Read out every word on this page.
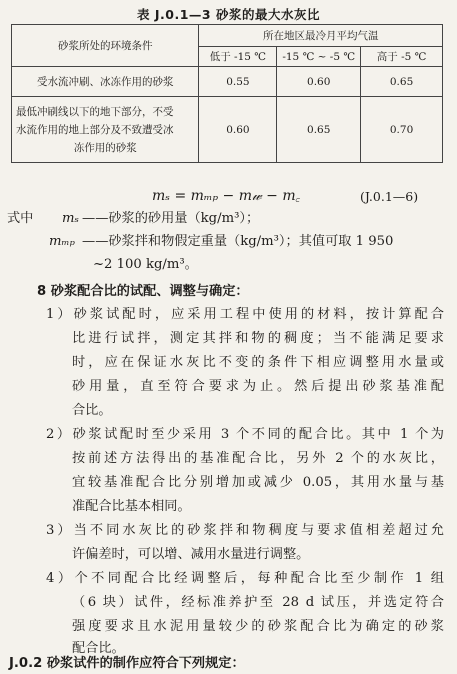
表 J.0.1—3 砂浆的最大水灰比
砂浆所处的环境条件	所在地区最冷月平均气温		
	低于 -15 ℃	-15 ℃ ~ -5 ℃	高于 -5 ℃
受水流冲刷、冰冻作用的砂浆	0.55	0.60	0.65

最低冲刷线以下的地下部分，不受
水流作用的地上部分及不致遭受冰
冻作用的砂浆	0.60	0.65	0.70
mₛ = mₘₚ − m𝓌 − m꜀	(J.0.1—6)
式中 mₛ ——砂浆的砂用量（kg/m³）；
mₘₚ ——砂浆拌和物假定重量（kg/m³）；其值可取 1 950
~2 100 kg/m³。
8 砂浆配合比的试配、调整与确定：
1）砂浆试配时，应采用工程中使用的材料，按计算配合
比进行试拌，测定其拌和物的稠度；当不能满足要求
时，应在保证水灰比不变的条件下相应调整用水量或
砂用量，直至符合要求为止。然后提出砂浆基准配
合比。
2）砂浆试配时至少采用 3 个不同的配合比。其中 1 个为
按前述方法得出的基准配合比，另外 2 个的水灰比，
宜较基准配合比分别增加或减少 0.05，其用水量与基
准配合比基本相同。
3）当不同水灰比的砂浆拌和物稠度与要求值相差超过允
许偏差时，可以增、减用水量进行调整。
4）个不同配合比经调整后，每种配合比至少制作 1 组
（6 块）试件，经标准养护至 28 d 试压，并选定符合
强度要求且水泥用量较少的砂浆配合比为确定的砂浆
配合比。
J.0.2 砂浆试件的制作应符合下列规定：
